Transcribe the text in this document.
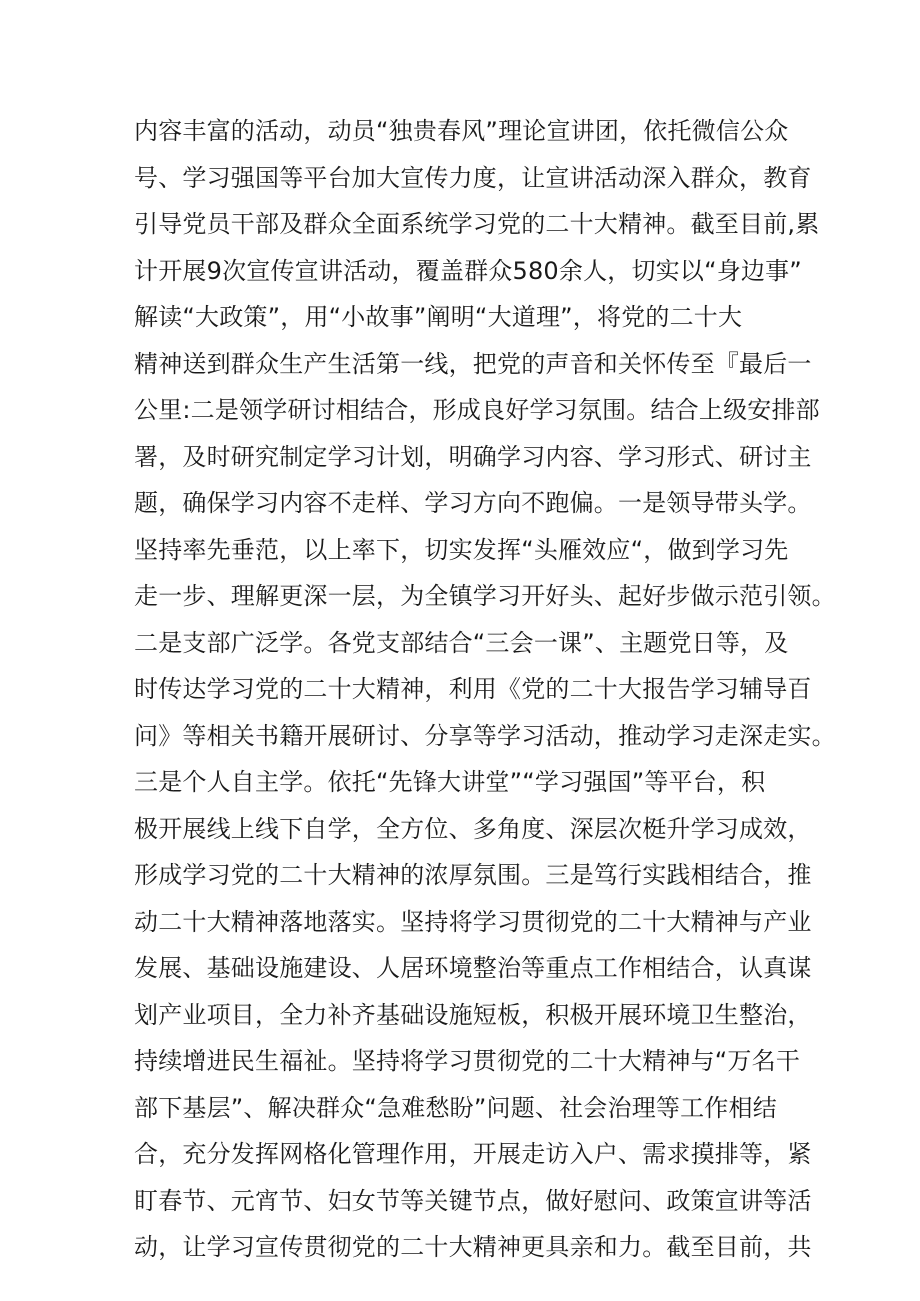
内容丰富的活动，动员“独贵春风”理论宣讲团，依托微信公众
号、学习强国等平台加大宣传力度，让宣讲活动深入群众，教育
引导党员干部及群众全面系统学习党的二十大精神。截至目前,累
计开展9次宣传宣讲活动，覆盖群众580余人，切实以“身边事”
解读“大政策”，用“小故事”阐明“大道理”，将党的二十大
精神送到群众生产生活第一线，把党的声音和关怀传至『最后一
公里:二是领学研讨相结合，形成良好学习氛围。结合上级安排部
署，及时研究制定学习计划，明确学习内容、学习形式、研讨主
题，确保学习内容不走样、学习方向不跑偏。一是领导带头学。
坚持率先垂范，以上率下，切实发挥“头雁效应“，做到学习先
走一步、理解更深一层，为全镇学习开好头、起好步做示范引领。
二是支部广泛学。各党支部结合“三会一课”、主题党日等，及
时传达学习党的二十大精神，利用《党的二十大报告学习辅导百
问》等相关书籍开展研讨、分享等学习活动，推动学习走深走实。
三是个人自主学。依托“先锋大讲堂”“学习强国”等平台，积
极开展线上线下自学，全方位、多角度、深层次梃升学习成效，
形成学习党的二十大精神的浓厚氛围。三是笃行实践相结合，推
动二十大精神落地落实。坚持将学习贯彻党的二十大精神与产业
发展、基础设施建设、人居环境整治等重点工作相结合，认真谋
划产业项目，全力补齐基础设施短板，积极开展环境卫生整治，
持续增进民生福祉。坚持将学习贯彻党的二十大精神与“万名干
部下基层”、解决群众“急难愁盼”问题、社会治理等工作相结
合，充分发挥网格化管理作用，开展走访入户、需求摸排等，紧
盯春节、元宵节、妇女节等关键节点，做好慰问、政策宣讲等活
动，让学习宣传贯彻党的二十大精神更具亲和力。截至目前，共
